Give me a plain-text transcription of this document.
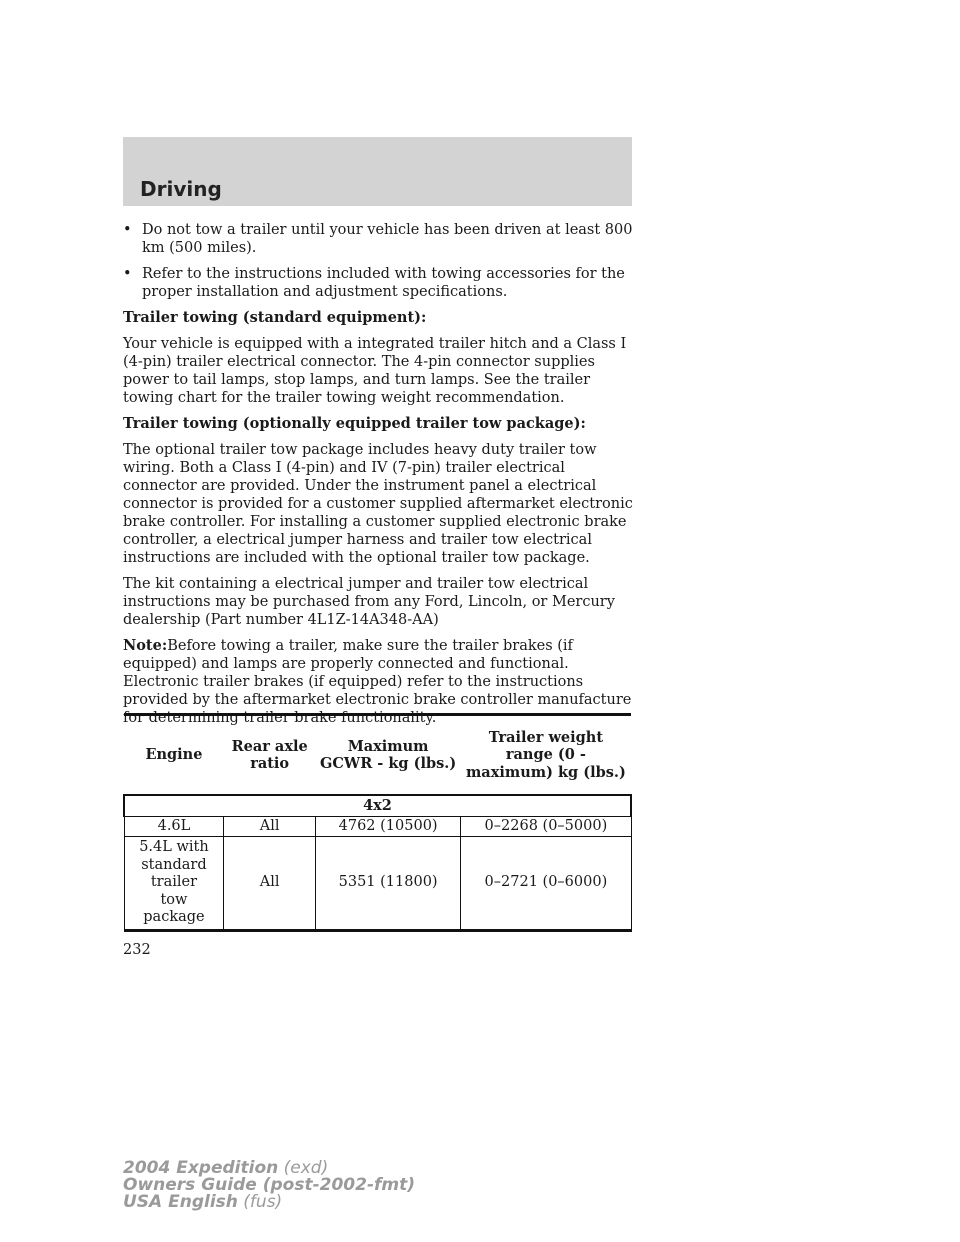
Driving
• Do not tow a trailer until your vehicle has been driven at least 800 km (500 miles).
• Refer to the instructions included with towing accessories for the proper installation and adjustment specifications.

Trailer towing (standard equipment):

Your vehicle is equipped with a integrated trailer hitch and a Class I (4-pin) trailer electrical connector. The 4-pin connector supplies power to tail lamps, stop lamps, and turn lamps. See the trailer towing chart for the trailer towing weight recommendation.

Trailer towing (optionally equipped trailer tow package):

The optional trailer tow package includes heavy duty trailer tow wiring. Both a Class I (4-pin) and IV (7-pin) trailer electrical connector are provided. Under the instrument panel a electrical connector is provided for a customer supplied aftermarket electronic brake controller. For installing a customer supplied electronic brake controller, a electrical jumper harness and trailer tow electrical instructions are included with the optional trailer tow package.

The kit containing a electrical jumper and trailer tow electrical instructions may be purchased from any Ford, Lincoln, or Mercury dealership (Part number 4L1Z-14A348-AA)

Note:Before towing a trailer, make sure the trailer brakes (if equipped) and lamps are properly connected and functional. Electronic trailer brakes (if equipped) refer to the instructions provided by the aftermarket electronic brake controller manufacture for determining trailer brake functionality.

Engine	Rear axle ratio	Maximum GCWR - kg (lbs.)	Trailer weight range (0 - maximum) kg (lbs.)
4x2			
4.6L	All	4762 (10500)	0–2268 (0–5000)
5.4L with standard trailer tow package	All	5351 (11800)	0–2721 (0–6000)
232
2004 Expedition (exd)
Owners Guide (post-2002-fmt)
USA English (fus)
